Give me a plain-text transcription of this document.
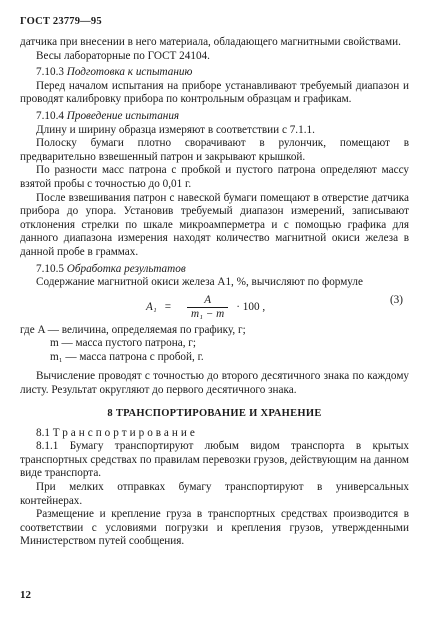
ГОСТ 23779—95

датчика при внесении в него материала, обладающего магнитными свойствами.

Весы лабораторные по ГОСТ 24104.

7.10.3 Подготовка к испытанию

Перед началом испытания на приборе устанавливают требуемый диапазон и проводят калибровку прибора по контрольным образцам и графикам.

7.10.4 Проведение испытания

Длину и ширину образца измеряют в соответствии с 7.1.1.

Полоску бумаги плотно сворачивают в рулончик, помещают в предварительно взвешенный патрон и закрывают крышкой.

По разности масс патрона с пробкой и пустого патрона определяют массу взятой пробы с точностью до 0,01 г.

После взвешивания патрон с навеской бумаги помещают в отверстие датчика прибора до упора. Установив требуемый диапазон измерений, записывают отклонения стрелки по шкале микроамперметра и с помощью графика для данного диапазона измерения находят количество магнитной окиси железа в данной пробе в граммах.

7.10.5 Обработка результатов

Содержание магнитной окиси железа A1, %, вычисляют по формуле

$A_1 = \frac{A}{\text{m₁ − m}} \cdot 100$ ,
(3)
где A — величина, определяемая по графику, г;
m — масса пустого патрона, г;
m₁ — масса патрона с пробой, г.

Вычисление проводят с точностью до второго десятичного знака по каждому листу. Результат округляют до первого десятичного знака.

8 ТРАНСПОРТИРОВАНИЕ И ХРАНЕНИЕ

8.1 Транспортирование

8.1.1 Бумагу транспортируют любым видом транспорта в крытых транспортных средствах по правилам перевозки грузов, действующим на данном виде транспорта.

При мелких отправках бумагу транспортируют в универсальных контейнерах.

Размещение и крепление груза в транспортных средствах производится в соответствии с условиями погрузки и крепления грузов, утвержденными Министерством путей сообщения.

12
